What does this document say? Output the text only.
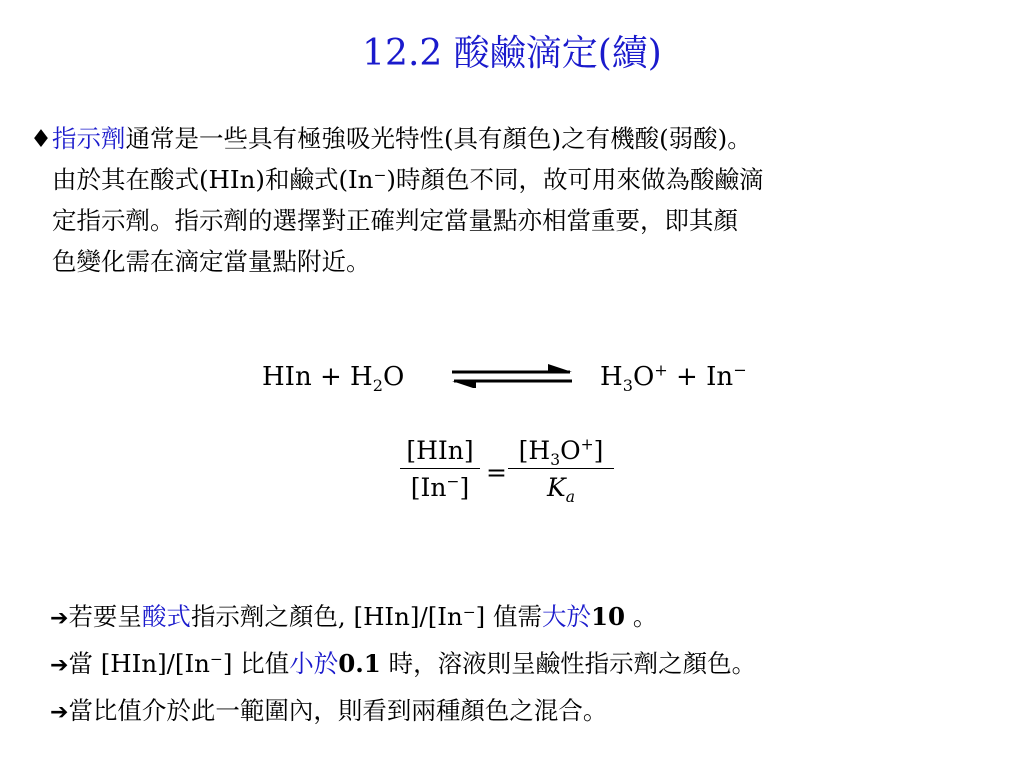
12.2 酸鹼滴定(續)
♦指示劑通常是一些具有極強吸光特性(具有顏色)之有機酸(弱酸)。
由於其在酸式(HIn)和鹼式(In⁻)時顏色不同，故可用來做為酸鹼滴
定指示劑。指示劑的選擇對正確判定當量點亦相當重要，即其顏
色變化需在滴定當量點附近。
HIn + $H_2O$	$H_3O^+ + In^-$
[HIn]
[In−]
= $\frac{[H_3O^+]}{K_a}$
➔若要呈酸式指示劑之顏色, [HIn]/[In⁻] 值需大於10 。
➔當 [HIn]/[In⁻] 比值小於0.1 時，溶液則呈鹼性指示劑之顏色。
➔當比值介於此一範圍內，則看到兩種顏色之混合。
